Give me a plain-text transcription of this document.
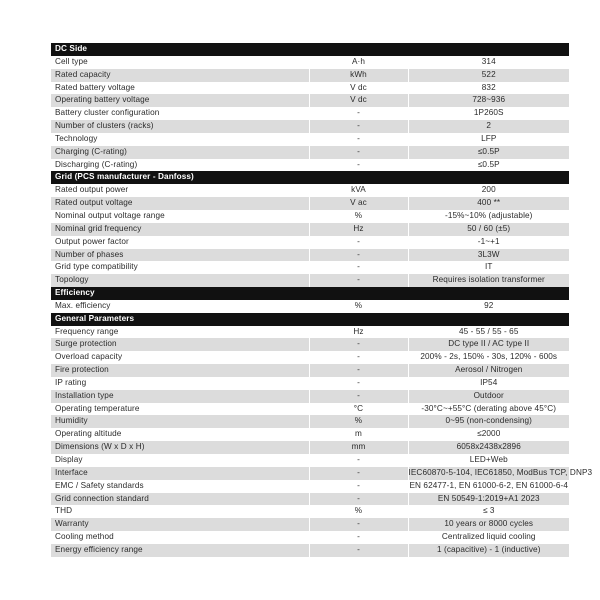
DC Side		
Cell type	A·h	314
Rated capacity	kWh	522
Rated battery voltage	V dc	832
Operating battery voltage	V dc	728~936
Battery cluster configuration	-	1P260S
Number of clusters (racks)	-	2
Technology	-	LFP
Charging (C-rating)	-	≤0.5P
Discharging (C-rating)	-	≤0.5P
Grid (PCS manufacturer - Danfoss)		
Rated output power	kVA	200
Rated output voltage	V ac	400 **
Nominal output voltage range	%	-15%~10% (adjustable)
Nominal grid frequency	Hz	50 / 60 (±5)
Output power factor	-	-1~+1
Number of phases	-	3L3W
Grid type compatibility	-	IT
Topology	-	Requires isolation transformer
Efficiency		
Max. efficiency	%	92
General Parameters		
Frequency range	Hz	45 - 55 / 55 - 65
Surge protection	-	DC type II / AC type II
Overload capacity	-	200% - 2s, 150% - 30s, 120% - 600s
Fire protection	-	Aerosol / Nitrogen
IP rating	-	IP54
Installation type	-	Outdoor
Operating temperature	°C	-30°C~+55°C (derating above 45°C)
Humidity	%	0~95 (non-condensing)
Operating altitude	m	≤2000
Dimensions (W x D x H)	mm	6058x2438x2896
Display	-	LED+Web
Interface	-	IEC60870-5-104, IEC61850, ModBus TCP, DNP3
EMC / Safety standards	-	EN 62477-1, EN 61000-6-2, EN 61000-6-4
Grid connection standard	-	EN 50549-1:2019+A1 2023
THD	%	≤ 3
Warranty	-	10 years or 8000 cycles
Cooling method	-	Centralized liquid cooling
Energy efficiency range	-	1 (capacitive) - 1 (inductive)
